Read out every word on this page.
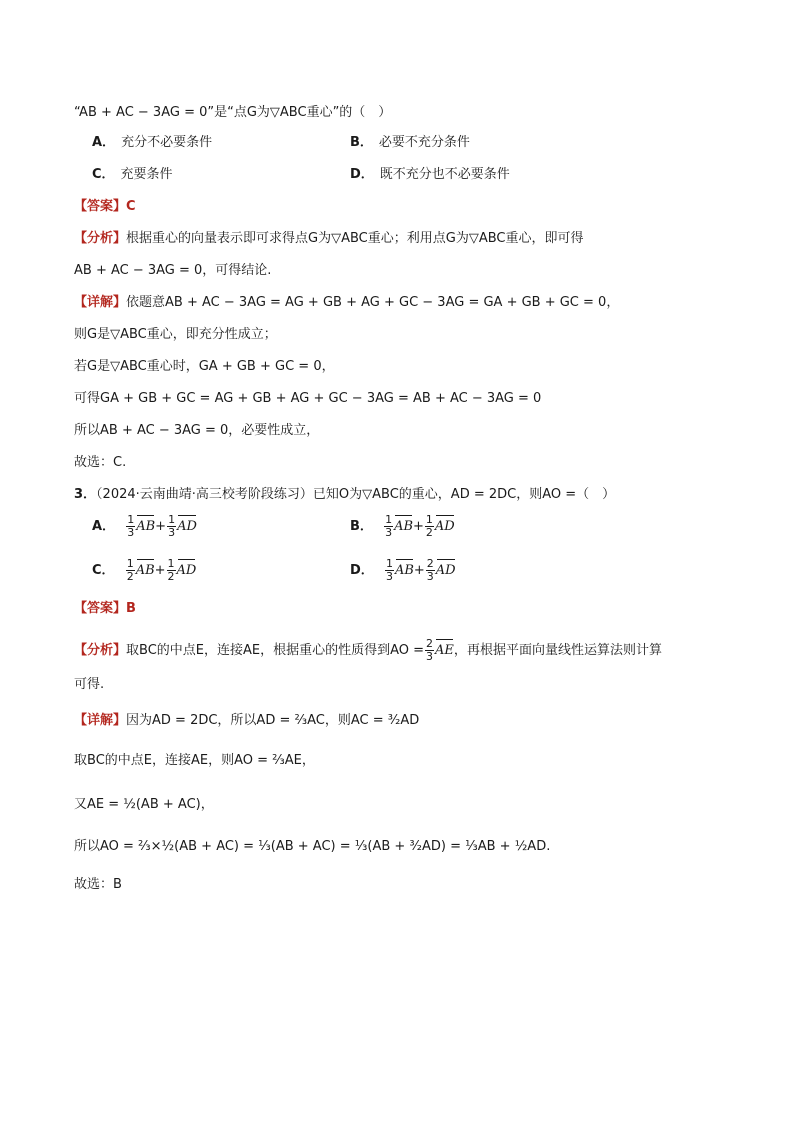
“AB + AC − 3AG = 0”是“点G为▽ABC重心”的（　）
A． 充分不必要条件	B． 必要不充分条件
C． 充要条件	D． 既不充分也不必要条件
【答案】C
【分析】根据重心的向量表示即可求得点G为▽ABC重心；利用点G为▽ABC重心，即可得
AB + AC − 3AG = 0，可得结论.
【详解】依题意AB + AC − 3AG = AG + GB + AG + GC − 3AG = GA + GB + GC = 0，
则G是▽ABC重心，即充分性成立；
若G是▽ABC重心时，GA + GB + GC = 0，
可得GA + GB + GC = AG + GB + AG + GC − 3AG = AB + AC − 3AG = 0
所以AB + AC − 3AG = 0，必要性成立，
故选：C.
3．（2024·云南曲靖·高三校考阶段练习）已知O为▽ABC的重心，AD = 2DC，则AO =（　）
A． $\frac{1}{3} AB+ \frac{1}{3}$ AD	B． $\frac{1}{3} AB+ \frac{1}{2}$ AD
C． $\frac{1}{2} AB+ \frac{1}{2}$ AD	D． $\frac{1}{3} AB+ \frac{2}{3}$ AD
【答案】B
【分析】取BC的中点E，连接AE，根据重心的性质得到AO = $\frac{2}{3}$ AE，再根据平面向量线性运算法则计算
可得.
【详解】因为AD = 2DC，所以AD = ⅔AC，则AC = ³⁄₂AD
取BC的中点E，连接AE，则AO = ⅔AE，
又AE = ½(AB + AC)，
所以AO = ⅔×½(AB + AC) = ⅓(AB + AC) = ⅓(AB + ³⁄₂AD) = ⅓AB + ½AD.
故选：B
